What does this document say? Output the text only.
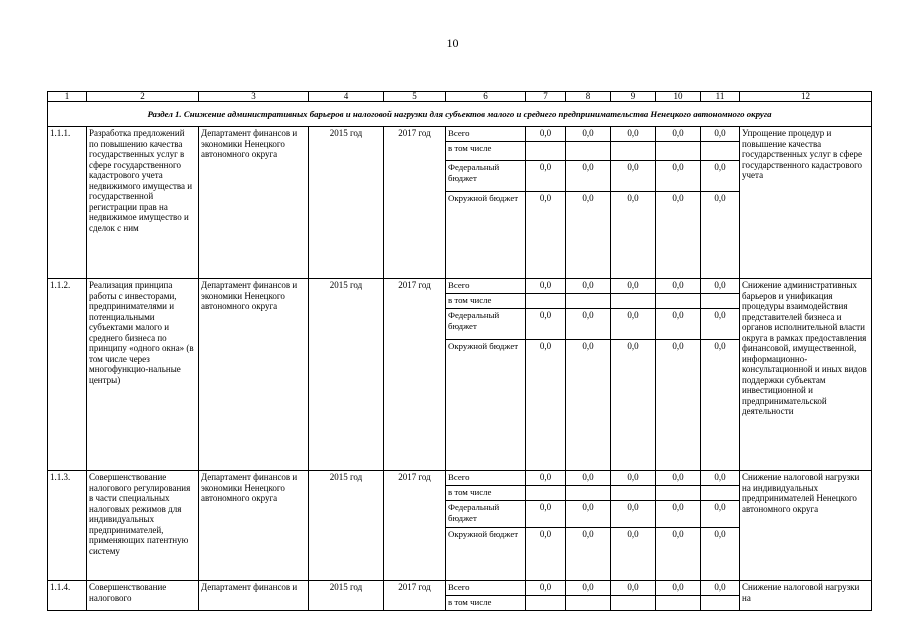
10
1	2	3	4	5	6	7	8	9	10	11	12
Раздел 1. Снижение административных барьеров и налоговой нагрузки для субъектов малого и среднего предпринимательства Ненецкого автономного округа											
1.1.1.	Разработка предложений по повышению качества государственных услуг в сфере государственного кадастрового учета недвижимого имущества и государственной регистрации прав на недвижимое имущество и сделок с ним	Департамент финансов и экономики Ненецкого автономного округа	2015 год	2017 год	Всего	0,0	0,0	0,0	0,0	0,0	Упрощение процедур и повышение качества государственных услуг в сфере государственного кадастрового учета
					в том числе						
					Федеральный бюджет	0,0	0,0	0,0	0,0	0,0	
					Окружной бюджет	0,0	0,0	0,0	0,0	0,0	
1.1.2.	Реализация принципа работы с инвесторами, предпринимателями и потенциальными субъектами малого и среднего бизнеса по принципу «одного окна» (в том числе через многофункцио-нальные центры)	Департамент финансов и экономики Ненецкого автономного округа	2015 год	2017 год	Всего	0,0	0,0	0,0	0,0	0,0	Снижение административных барьеров и унификация процедуры взаимодействия представителей бизнеса и органов исполнительной власти округа в рамках предоставления финансовой, имущественной, информационно-консультационной и иных видов поддержки субъектам инвестиционной и предпринимательской деятельности
					в том числе						
					Федеральный бюджет	0,0	0,0	0,0	0,0	0,0	
					Окружной бюджет	0,0	0,0	0,0	0,0	0,0	
1.1.3.	Совершенствование налогового регулирования в части специальных налоговых режимов для индивидуальных предпринимателей, применяющих патентную систему	Департамент финансов и экономики Ненецкого автономного округа	2015 год	2017 год	Всего	0,0	0,0	0,0	0,0	0,0	Снижение налоговой нагрузки на индивидуальных предпринимателей Ненецкого автономного округа
					в том числе						
					Федеральный бюджет	0,0	0,0	0,0	0,0	0,0	
					Окружной бюджет	0,0	0,0	0,0	0,0	0,0	
1.1.4.	Совершенствование налогового	Департамент финансов и	2015 год	2017 год	Всего	0,0	0,0	0,0	0,0	0,0	Снижение налоговой нагрузки на
					в том числе						
